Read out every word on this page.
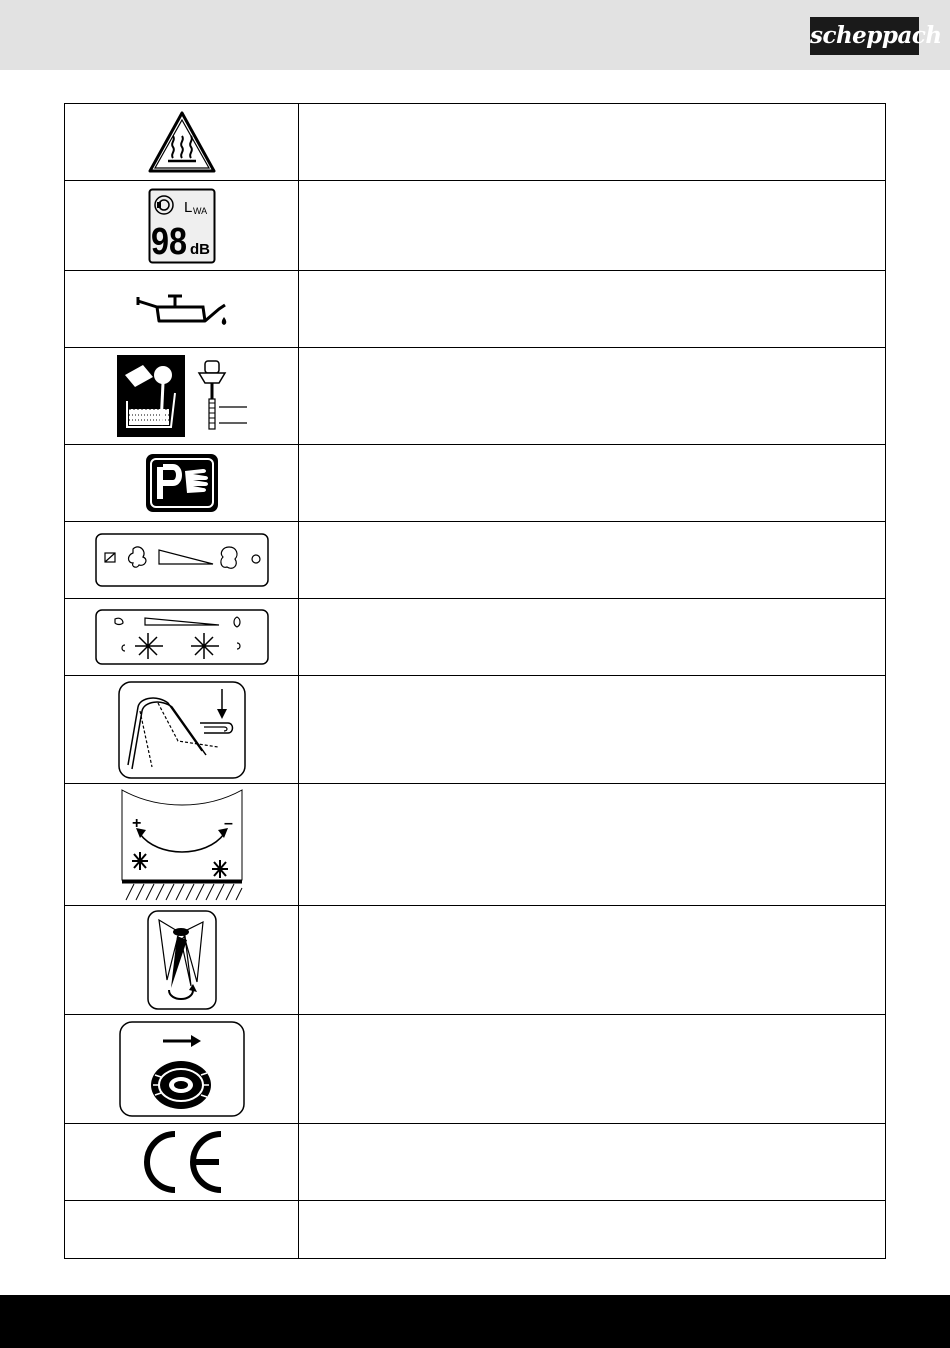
scheppach

L WA
98 dB	

+ –	
